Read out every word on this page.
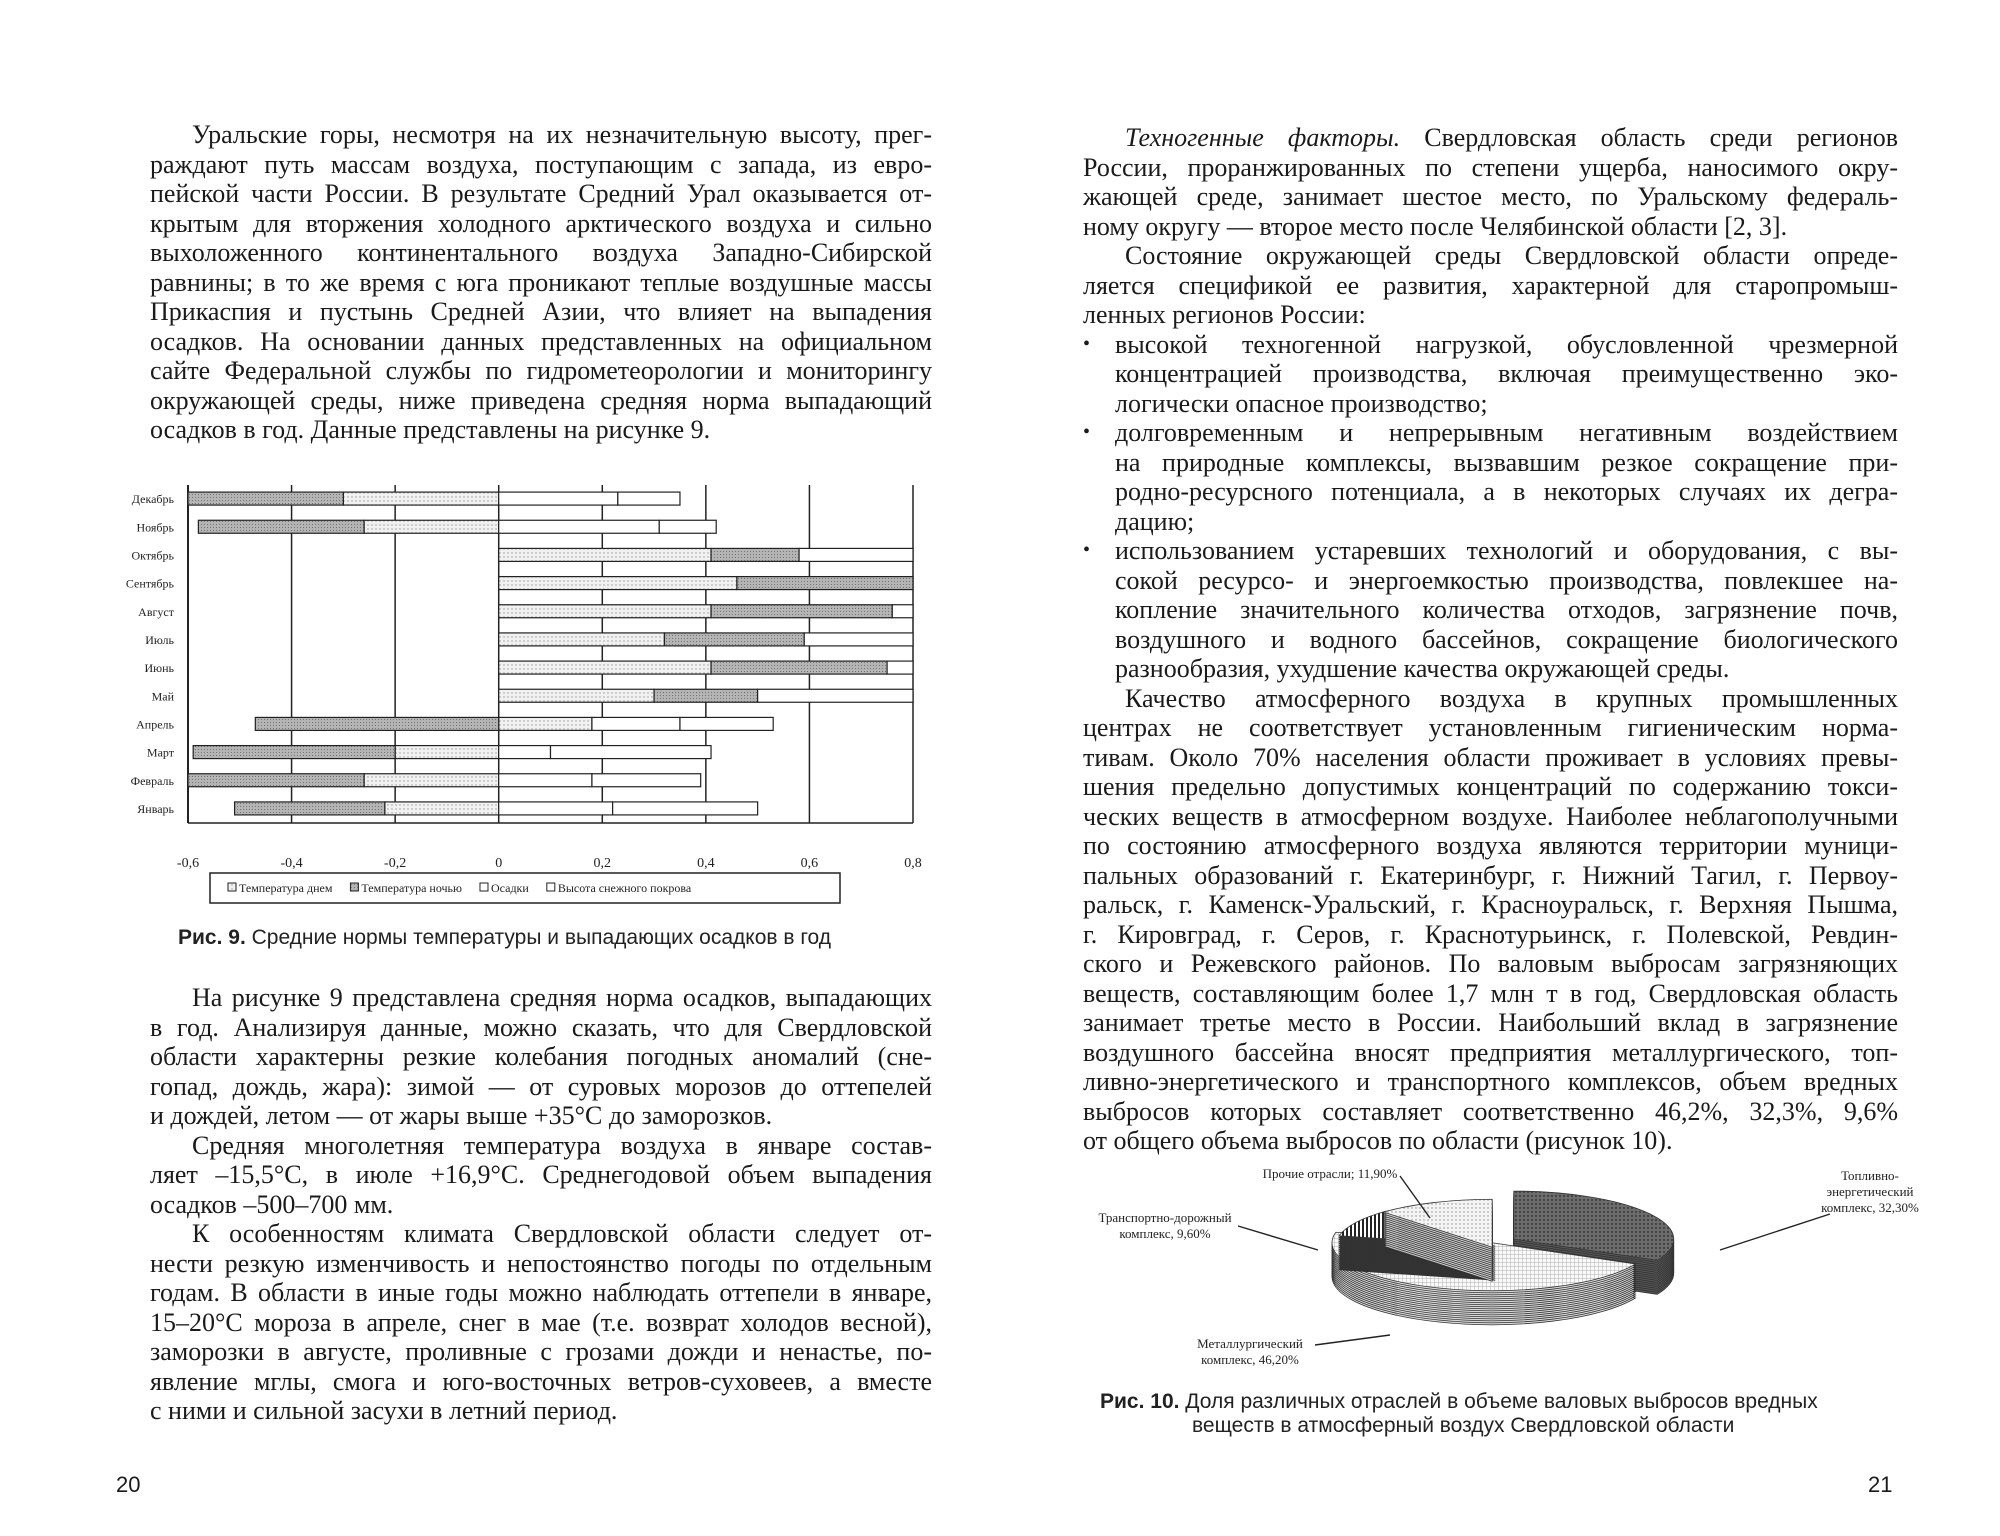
Уральские горы, несмотря на их незначительную высоту, прег-
раждают путь массам воздуха, поступающим с запада, из евро-
пейской части России. В результате Средний Урал оказывается от-
крытым для вторжения холодного арктического воздуха и сильно
выхоложенного континентального воздуха Западно-Сибирской
равнины; в то же время с юга проникают теплые воздушные массы
Прикаспия и пустынь Средней Азии, что влияет на выпадения
осадков. На основании данных представленных на официальном
сайте Федеральной службы по гидрометеорологии и мониторингу
окружающей среды, ниже приведена средняя норма выпадающий
осадков в год. Данные представлены на рисунке 9.
-0,6	-0,4	-0,2	0	0,2	0,4	0,6	0,8
Январь
Февраль
Март
Апрель
Май
Июнь
Июль
Август
Сентябрь
Октябрь
Ноябрь
Декабрь
Температура днем Температура ночью Осадки Высота снежного покрова
Рис. 9. Средние нормы температуры и выпадающих осадков в год
На рисунке 9 представлена средняя норма осадков, выпадающих
в год. Анализируя данные, можно сказать, что для Свердловской
области характерны резкие колебания погодных аномалий (сне-
гопад, дождь, жара): зимой — от суровых морозов до оттепелей
и дождей, летом — от жары выше +35°С до заморозков.
Средняя многолетняя температура воздуха в январе состав-
ляет –15,5°С, в июле +16,9°С. Среднегодовой объем выпадения
осадков –500–700 мм.
К особенностям климата Свердловской области следует от-
нести резкую изменчивость и непостоянство погоды по отдельным
годам. В области в иные годы можно наблюдать оттепели в январе,
15–20°С мороза в апреле, снег в мае (т.е. возврат холодов весной),
заморозки в августе, проливные с грозами дожди и ненастье, по-
явление мглы, смога и юго-восточных ветров-суховеев, а вместе
с ними и сильной засухи в летний период.
20
Техногенные факторы. Свердловская область среди регионов
России, проранжированных по степени ущерба, наносимого окру-
жающей среде, занимает шестое место, по Уральскому федераль-
ному округу — второе место после Челябинской области [2, 3].
Состояние окружающей среды Свердловской области опреде-
ляется спецификой ее развития, характерной для старопромыш-
ленных регионов России:
• высокой техногенной нагрузкой, обусловленной чрезмерной
концентрацией производства, включая преимущественно эко-
логически опасное производство;
• долговременным и непрерывным негативным воздействием
на природные комплексы, вызвавшим резкое сокращение при-
родно-ресурсного потенциала, а в некоторых случаях их дегра-
дацию;
• использованием устаревших технологий и оборудования, с вы-
сокой ресурсо- и энергоемкостью производства, повлекшее на-
копление значительного количества отходов, загрязнение почв,
воздушного и водного бассейнов, сокращение биологического
разнообразия, ухудшение качества окружающей среды.
Качество атмосферного воздуха в крупных промышленных
центрах не соответствует установленным гигиеническим норма-
тивам. Около 70% населения области проживает в условиях превы-
шения предельно допустимых концентраций по содержанию токси-
ческих веществ в атмосферном воздухе. Наиболее неблагополучными
по состоянию атмосферного воздуха являются территории муници-
пальных образований г. Екатеринбург, г. Нижний Тагил, г. Первоу-
ральск, г. Каменск-Уральский, г. Красноуральск, г. Верхняя Пышма,
г. Кировград, г. Серов, г. Краснотурьинск, г. Полевской, Ревдин-
ского и Режевского районов. По валовым выбросам загрязняющих
веществ, составляющим более 1,7 млн т в год, Свердловская область
занимает третье место в России. Наибольший вклад в загрязнение
воздушного бассейна вносят предприятия металлургического, топ-
ливно-энергетического и транспортного комплексов, объем вредных
выбросов которых составляет соответственно 46,2%, 32,3%, 9,6%
от общего объема выбросов по области (рисунок 10).
Топливно-
энергетический
комплекс, 32,30%
Металлургический
комплекс, 46,20%
Транспортно-дорожный
комплекс, 9,60%
Прочие отрасли; 11,90%
Рис. 10. Доля различных отраслей в объеме валовых выбросов вредных
веществ в атмосферный воздух Свердловской области
21
